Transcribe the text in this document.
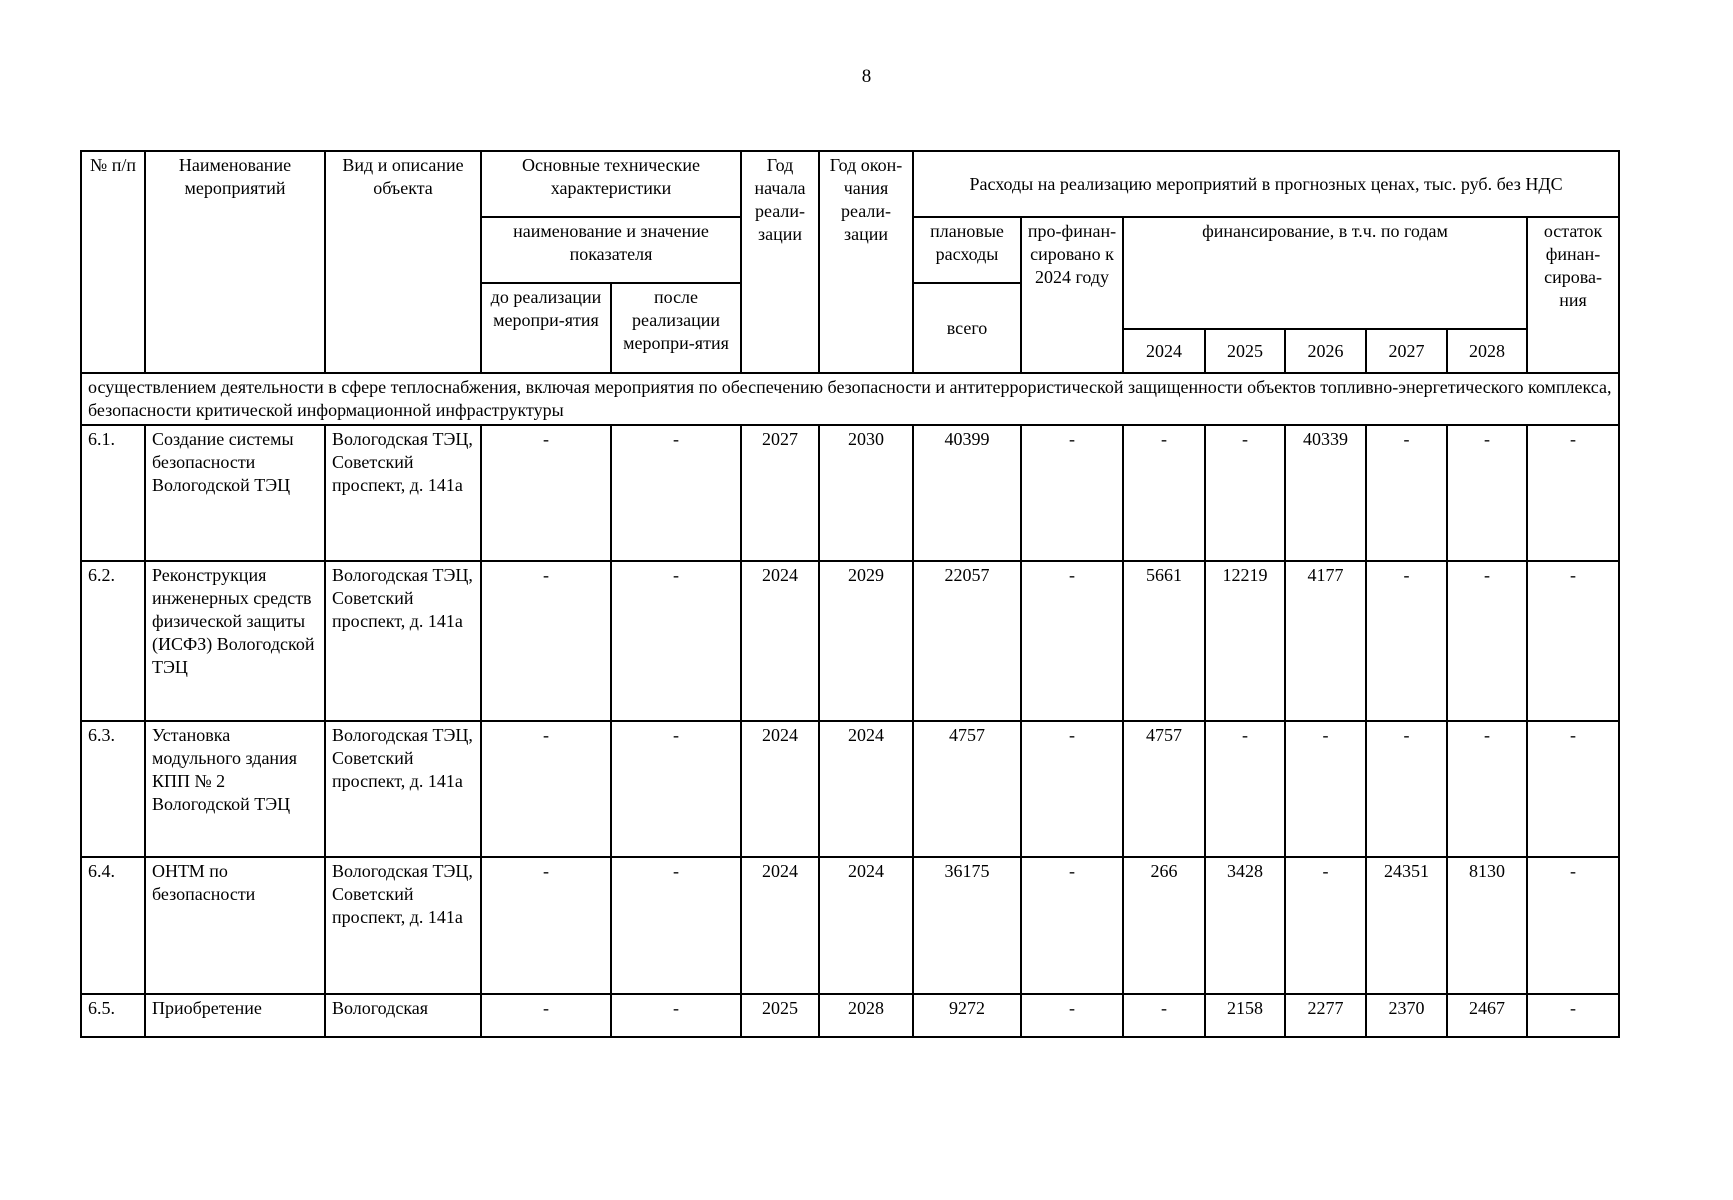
8
№ п/п	Наименование мероприятий	Вид и описание объекта	Основные технические характеристики		Год начала реали-зации	Год окон-чания реали-зации	Расходы на реализацию мероприятий в прогнозных ценах, тыс. руб. без НДС							
			наименование и значение показателя				плановые расходы	про-финан-сировано к 2024 году	финансирование, в т.ч. по годам					остаток финан-сирова-ния
			до реализации меропри-ятия	после реализации меропри-ятия			всего							
									2024	2025	2026	2027	2028	
осуществлением деятельности в сфере теплоснабжения, включая мероприятия по обеспечению безопасности и антитеррористической защищенности объектов топливно-энергетического комплекса, безопасности критической информационной инфраструктуры														
6.1.	Создание системы безопасности Вологодской ТЭЦ	Вологодская ТЭЦ, Советский проспект, д. 141а	-	-	2027	2030	40399	-	-	-	40339	-	-	-
6.2.	Реконструкция инженерных средств физической защиты (ИСФЗ) Вологодской ТЭЦ	Вологодская ТЭЦ, Советский проспект, д. 141а	-	-	2024	2029	22057	-	5661	12219	4177	-	-	-
6.3.	Установка модульного здания КПП № 2 Вологодской ТЭЦ	Вологодская ТЭЦ, Советский проспект, д. 141а	-	-	2024	2024	4757	-	4757	-	-	-	-	-
6.4.	ОНТМ по безопасности	Вологодская ТЭЦ, Советский проспект, д. 141а	-	-	2024	2024	36175	-	266	3428	-	24351	8130	-
6.5.	Приобретение	Вологодская	-	-	2025	2028	9272	-	-	2158	2277	2370	2467	-
